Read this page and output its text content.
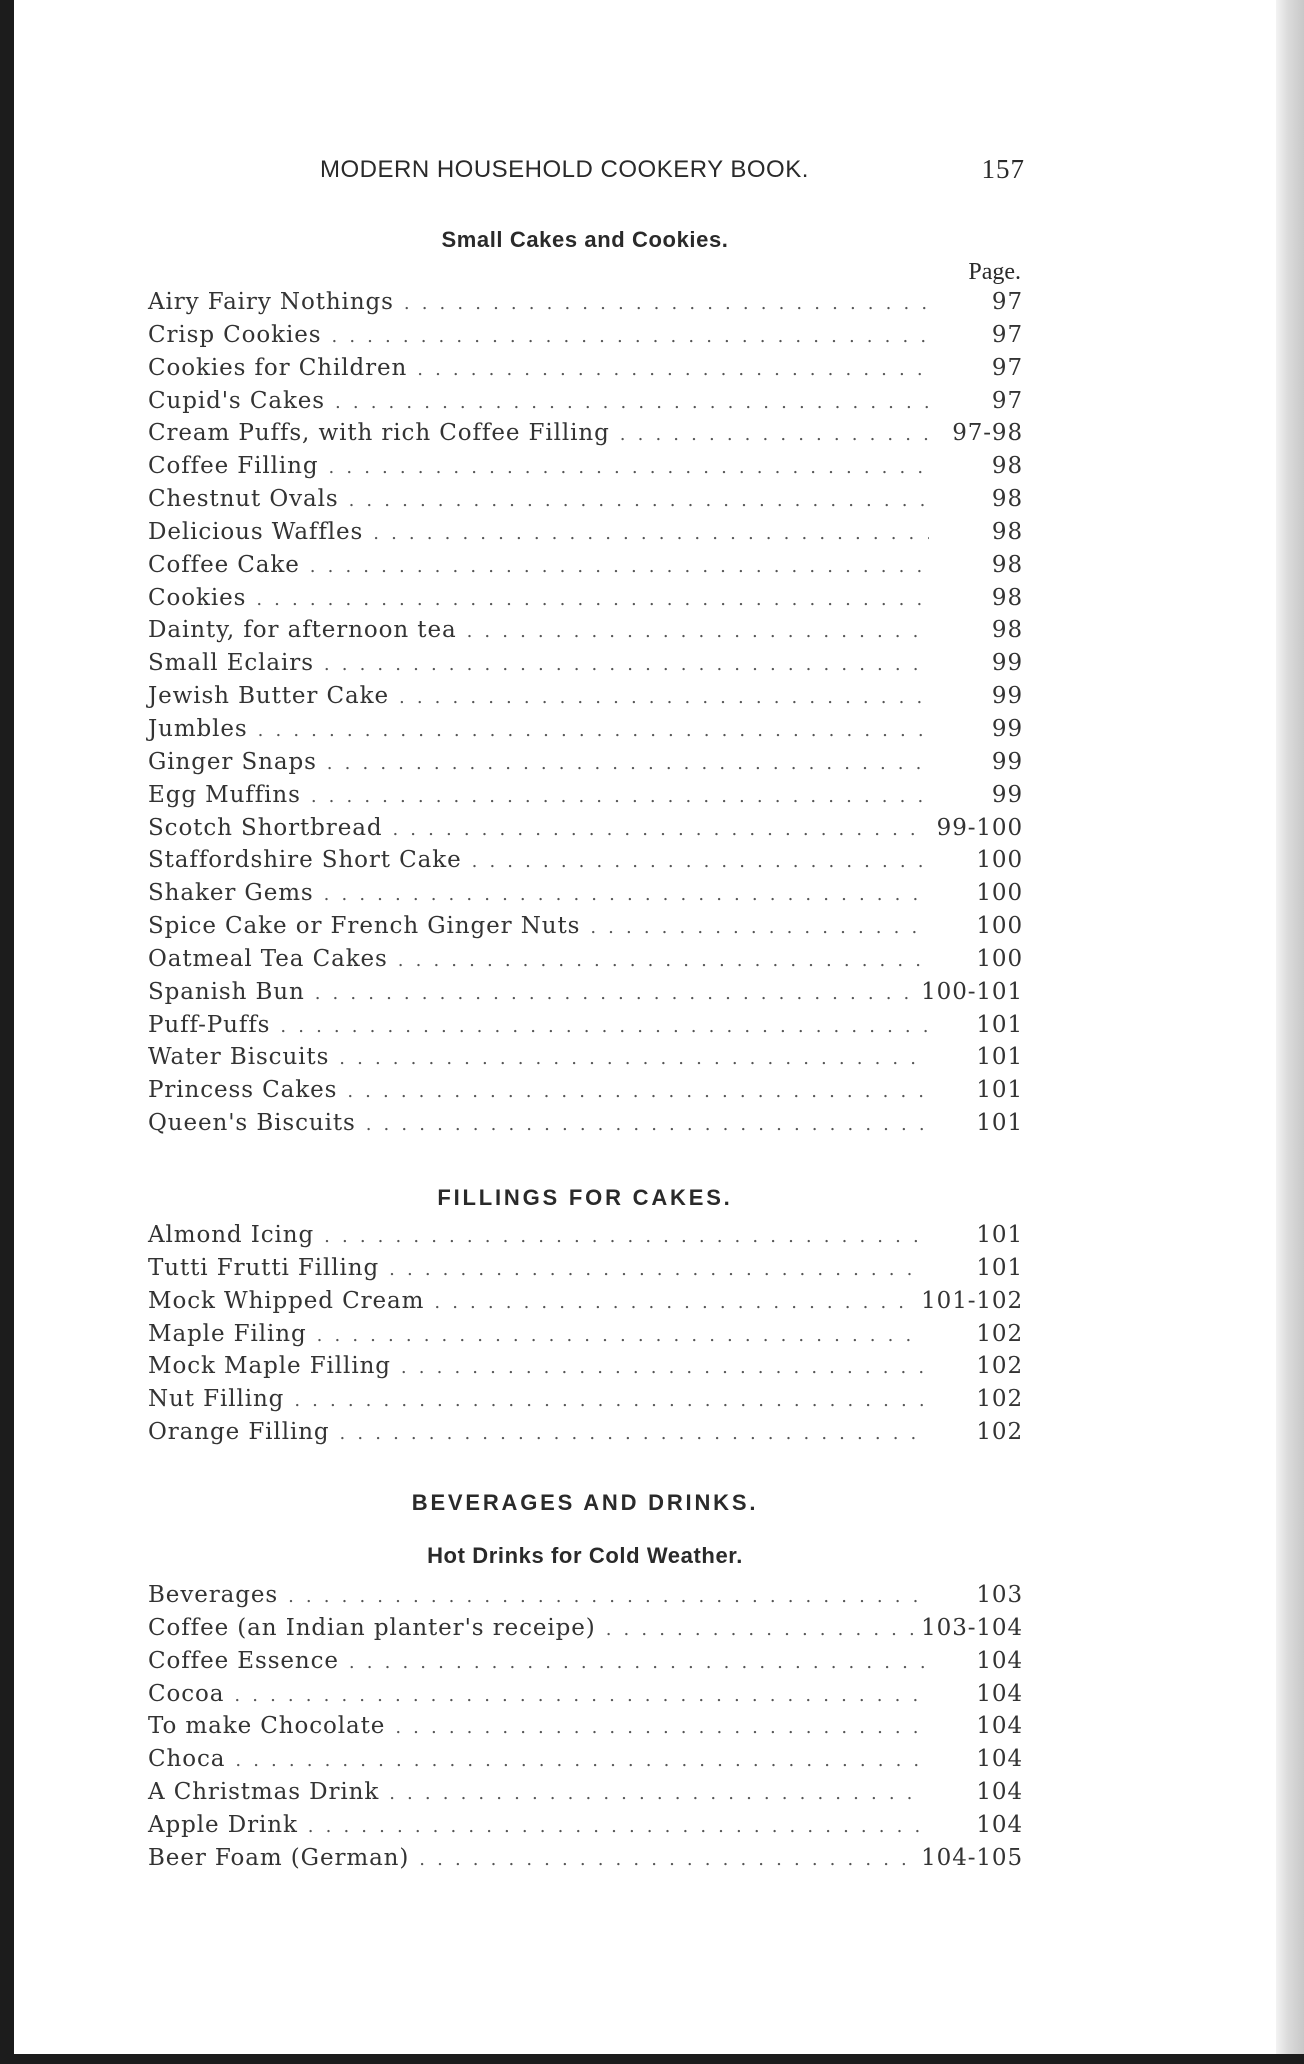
MODERN HOUSEHOLD COOKERY BOOK.	157
Small Cakes and Cookies.
Page.
Airy Fairy Nothings . . .	97
Crisp Cookies . . .	97
Cookies for Children . . .	97
Cupid's Cakes . . .	97
Cream Puffs, with rich Coffee Filling . . .	97-98
Coffee Filling . . .	98
Chestnut Ovals . . .	98
Delicious Waffles . . .	98
Coffee Cake . . .	98
Cookies . . .	98
Dainty, for afternoon tea . . .	98
Small Eclairs . . .	99
Jewish Butter Cake . . .	99
Jumbles . . .	99
Ginger Snaps . . .	99
Egg Muffins . . .	99
Scotch Shortbread . . .	99-100
Staffordshire Short Cake . . .	100
Shaker Gems . . .	100
Spice Cake or French Ginger Nuts . . .	100
Oatmeal Tea Cakes . . .	100
Spanish Bun . . .	100-101
Puff-Puffs . . .	101
Water Biscuits . . .	101
Princess Cakes . . .	101
Queen's Biscuits . . .	101
FILLINGS FOR CAKES.
Almond Icing . . .	101
Tutti Frutti Filling . . .	101
Mock Whipped Cream . . .	101-102
Maple Filing . . .	102
Mock Maple Filling . . .	102
Nut Filling . . .	102
Orange Filling . . .	102
BEVERAGES AND DRINKS.
Hot Drinks for Cold Weather.
Beverages . . .	103
Coffee (an Indian planter's receipe) . . .	103-104
Coffee Essence . . .	104
Cocoa . . .	104
To make Chocolate . . .	104
Choca . . .	104
A Christmas Drink . . .	104
Apple Drink . . .	104
Beer Foam (German) . . .	104-105
